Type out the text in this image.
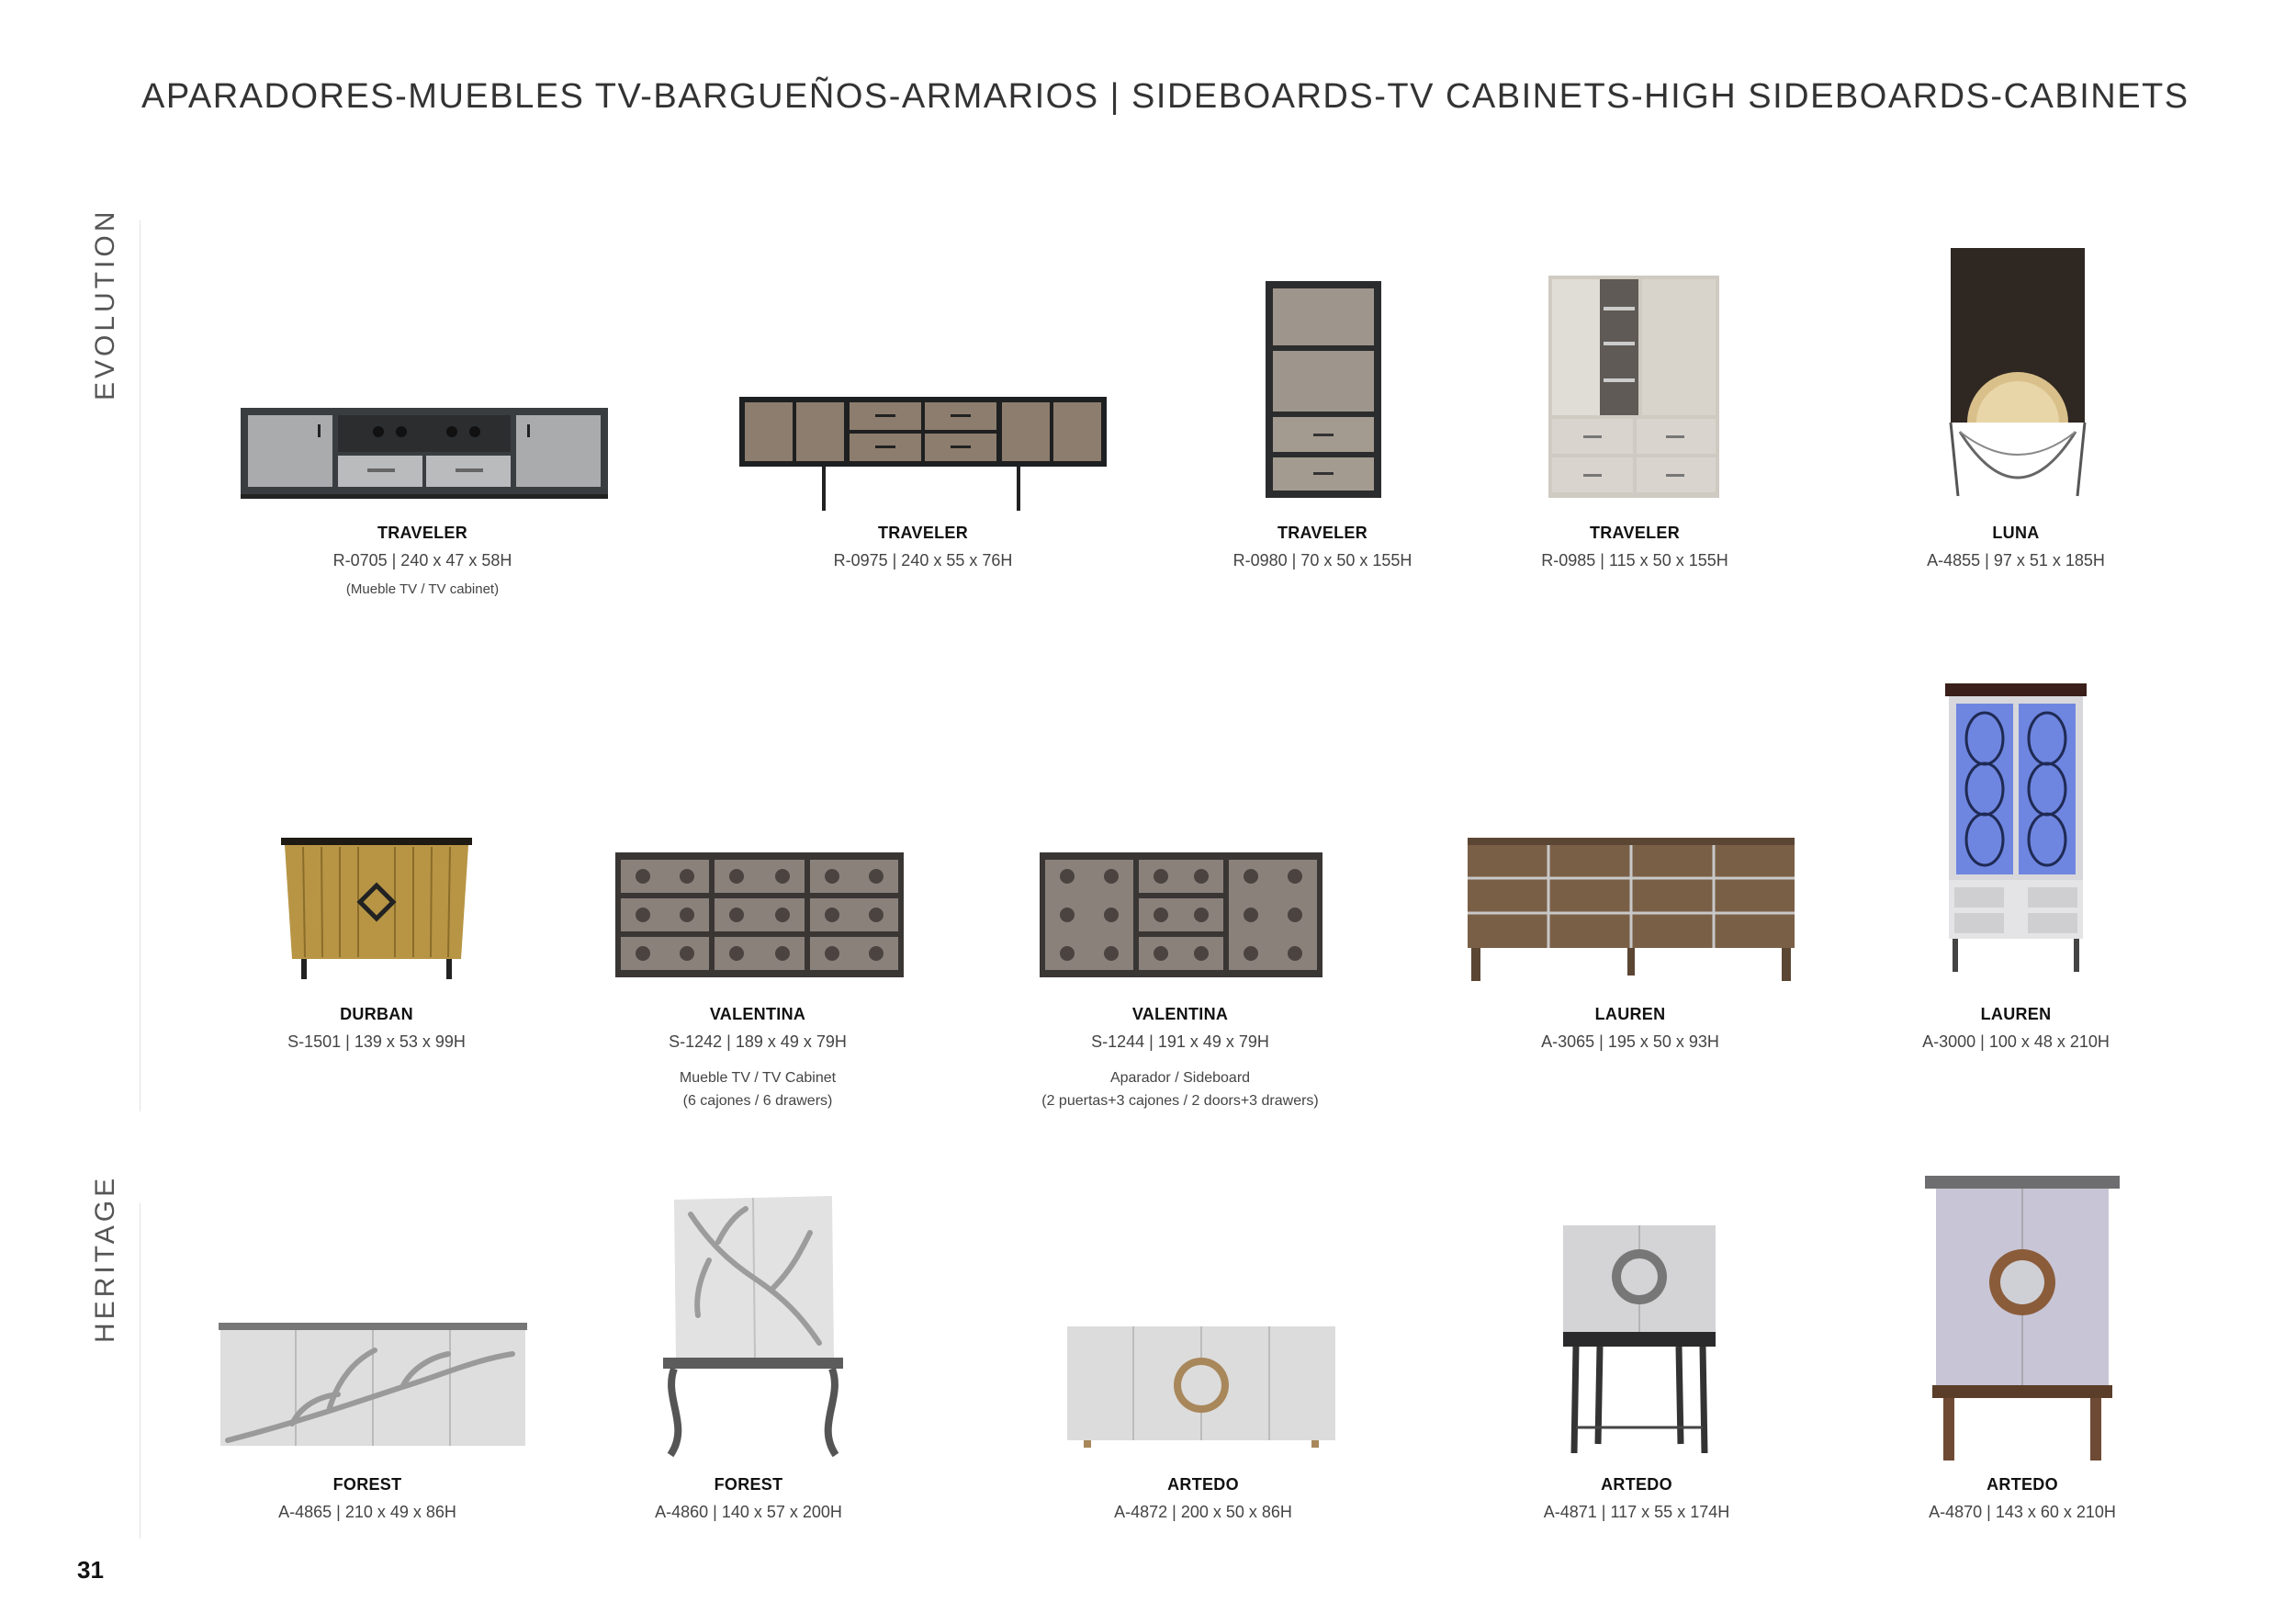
APARADORES-MUEBLES TV-BARGUEÑOS-ARMARIOS | SIDEBOARDS-TV CABINETS-HIGH SIDEBOARDS-CABINETS
EVOLUTION
HERITAGE
TRAVELER
R-0705 | 240 x 47 x 58H
(Mueble TV / TV cabinet)
TRAVELER
R-0975 | 240 x 55 x 76H
TRAVELER
R-0980 | 70 x 50 x 155H
TRAVELER
R-0985 | 115 x 50 x 155H
LUNA
A-4855 | 97 x 51 x 185H
DURBAN
S-1501 | 139 x 53 x 99H
VALENTINA
S-1242 | 189 x 49 x 79H
Mueble TV / TV Cabinet
(6 cajones / 6 drawers)
VALENTINA
S-1244 | 191 x 49 x 79H
Aparador / Sideboard
(2 puertas+3 cajones / 2 doors+3 drawers)
LAUREN
A-3065 | 195 x 50 x 93H
LAUREN
A-3000 | 100 x 48 x 210H
FOREST
A-4865 | 210 x 49 x 86H
FOREST
A-4860 | 140 x 57 x 200H
ARTEDO
A-4872 | 200 x 50 x 86H
ARTEDO
A-4871 | 117 x 55 x 174H
ARTEDO
A-4870 | 143 x 60 x 210H
31
